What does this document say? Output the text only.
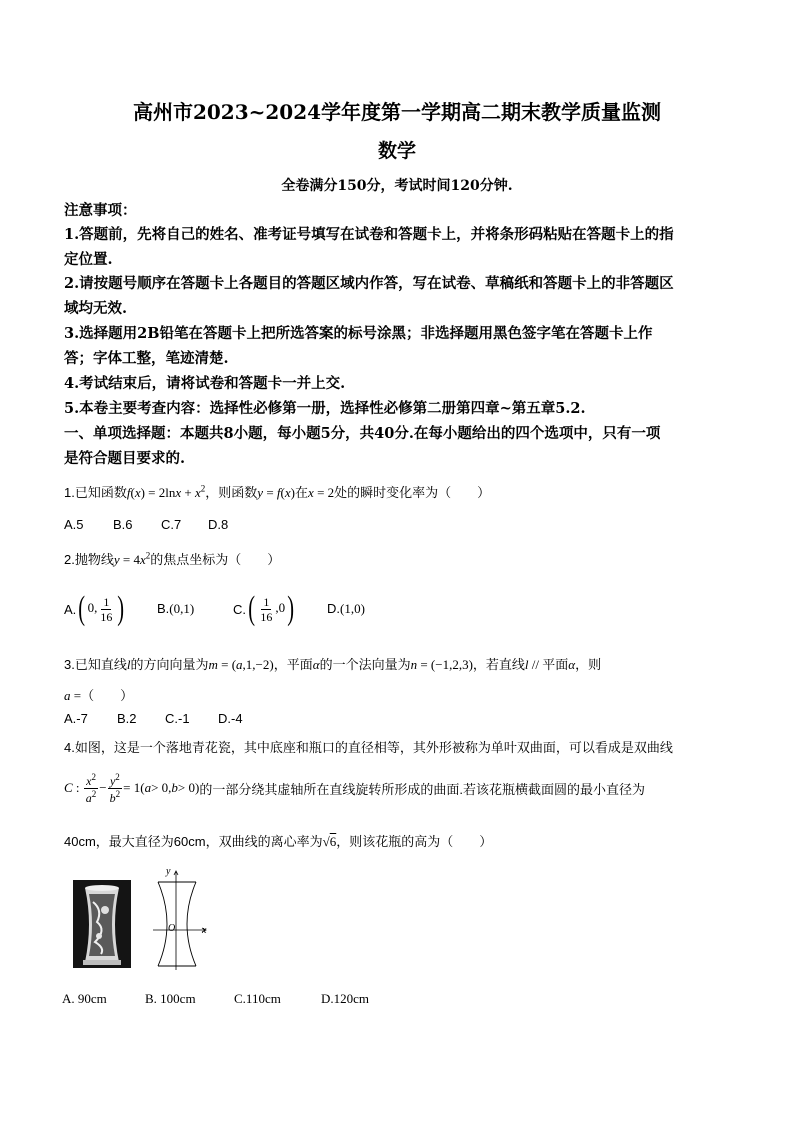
高州市2023~2024学年度第一学期高二期末教学质量监测
数学
全卷满分150分，考试时间120分钟.
注意事项：
1.答题前，先将自己的姓名、准考证号填写在试卷和答题卡上，并将条形码粘贴在答题卡上的指
定位置.
2.请按题号顺序在答题卡上各题目的答题区域内作答，写在试卷、草稿纸和答题卡上的非答题区
域均无效.
3.选择题用2B铅笔在答题卡上把所选答案的标号涂黑；非选择题用黑色签字笔在答题卡上作
答；字体工整，笔迹清楚.
4.考试结束后，请将试卷和答题卡一并上交.
5.本卷主要考查内容：选择性必修第一册，选择性必修第二册第四章~第五章5.2.
一、单项选择题：本题共8小题，每小题5分，共40分.在每小题给出的四个选项中，只有一项
是符合题目要求的.
1.已知函数$f(x) = 2\ln x + x^2$，则函数y = f(x)在x = 2处的瞬时变化率为（　　）
A.5 B.6 C.7 D.8
2.抛物线$y = 4x^2$的焦点坐标为（　　）
A. ( 0, $\frac{1}{16}$ )	B.(0,1)	C. ( $\frac{1}{16} ,0$)	D.(1,0)
3.已知直线l的方向向量为m = (a,1,−2)，平面α的一个法向量为n = (−1,2,3)，若直线l // 平面α，则
a =（　　）
A.-7 B.2 C.-1 D.-4
4.如图，这是一个落地青花瓷，其中底座和瓶口的直径相等，其外形被称为单叶双曲面，可以看成是双曲线
C : $\frac{x^2}{a^2} - \frac{y^2}{b^2} = 1$( a > 0, b > 0) 的一部分绕其虚轴所在直线旋转所形成的曲面.若该花瓶横截面圆的最小直径为
40cm，最大直径为60cm，双曲线的离心率为√6，则该花瓶的高为（　　）
y
O	x
A. 90cm	B. 100cm	C.110cm	D.120cm
